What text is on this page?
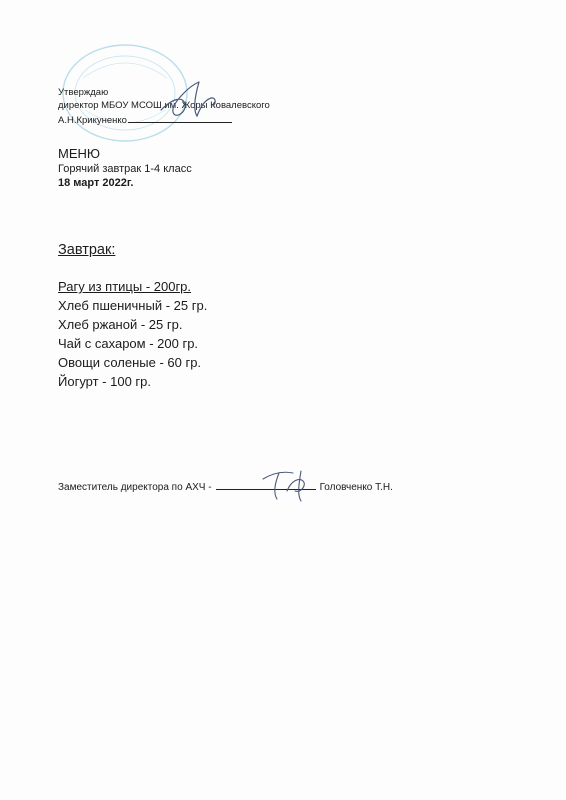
Утверждаю
директор МБОУ МСОШ им. Жоры Ковалевского
А.Н.Крикуненко
МЕНЮ
Горячий завтрак 1-4 класс
18 март 2022г.
Завтрак:
Рагу из птицы - 200гр.
Хлеб пшеничный - 25 гр.
Хлеб ржаной - 25 гр.
Чай с сахаром - 200 гр.
Овощи соленые - 60 гр.
Йогурт - 100 гр.
Заместитель директора по АХЧ -	Головченко Т.Н.
